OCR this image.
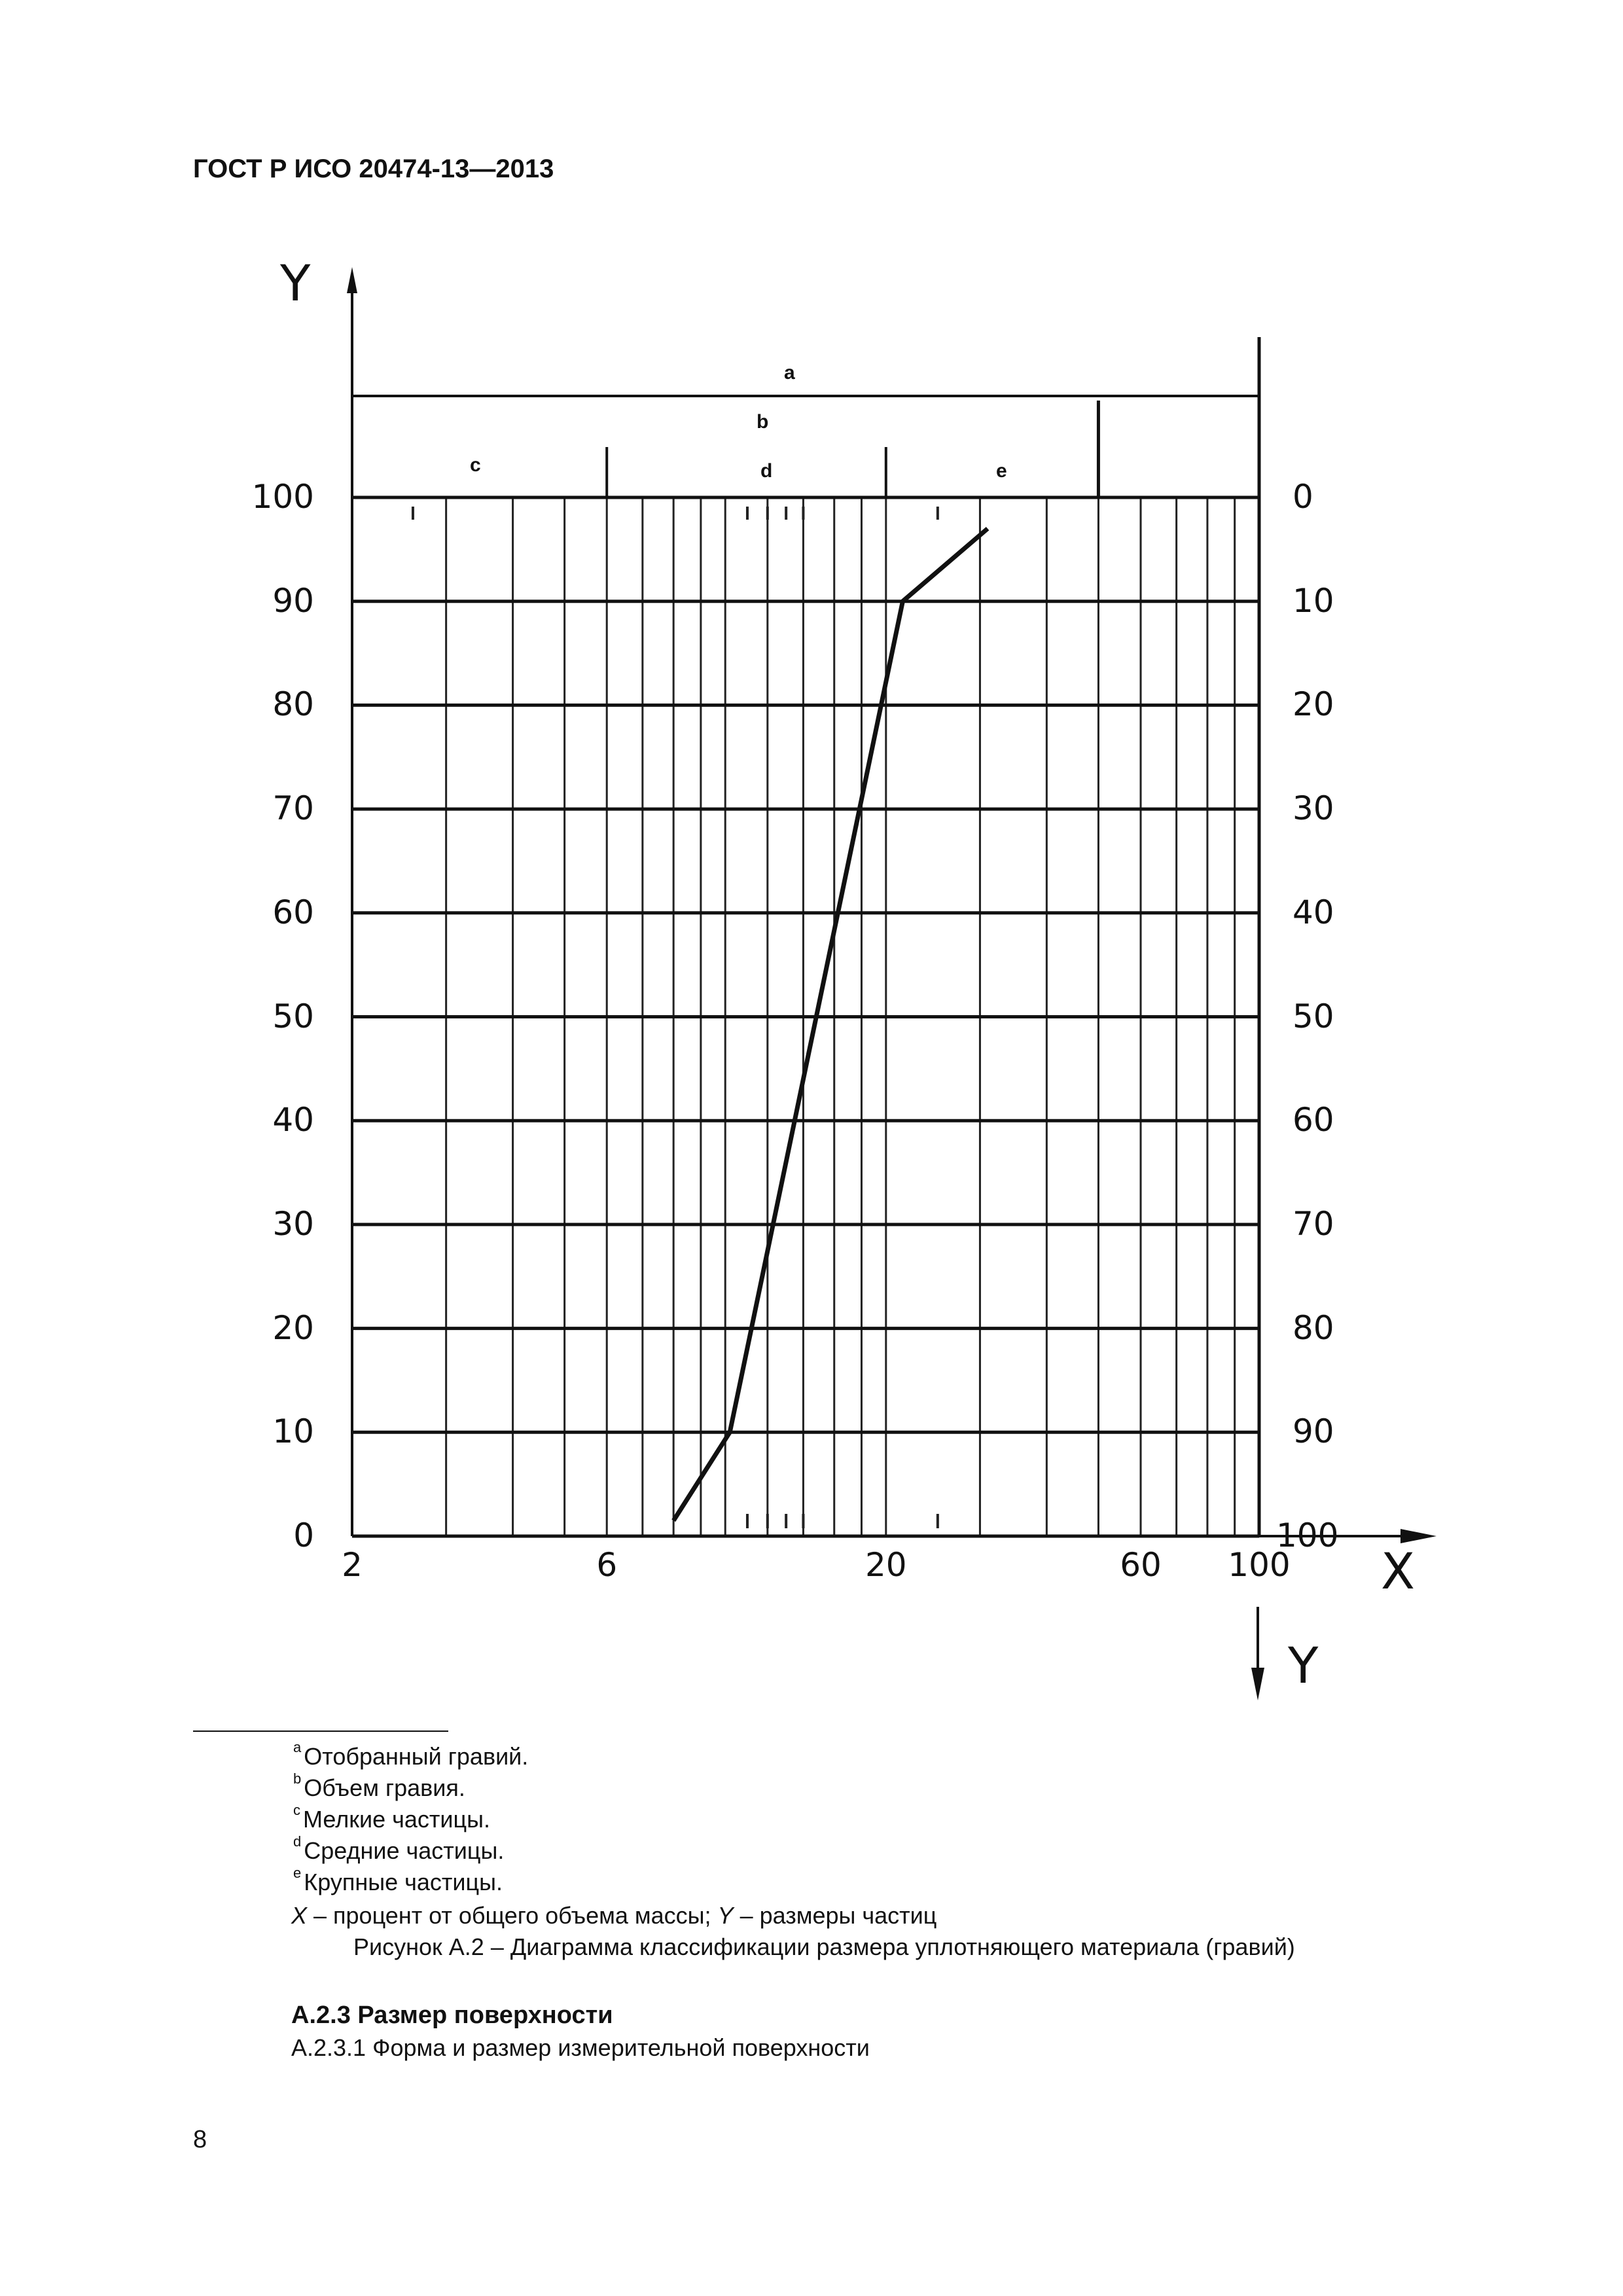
ГОСТ Р ИСО 20474-13—2013
Y
Y
X
a
b
c	d	e
100
90
80
70
60
50
40
30
20
10
0
0
10
20
30
40
50
60
70
80
90
100
2	6	20	60	100
$^a$ Отобранный гравий.
$^b$ Объем гравия.
$^c$ Мелкие частицы.
$^d$ Средние частицы.
$^e$ Крупные частицы.
X – процент от общего объема массы; Y – размеры частиц
Рисунок А.2 – Диаграмма классификации размера уплотняющего материала (гравий)
А.2.3 Размер поверхности
А.2.3.1 Форма и размер измерительной поверхности
8
